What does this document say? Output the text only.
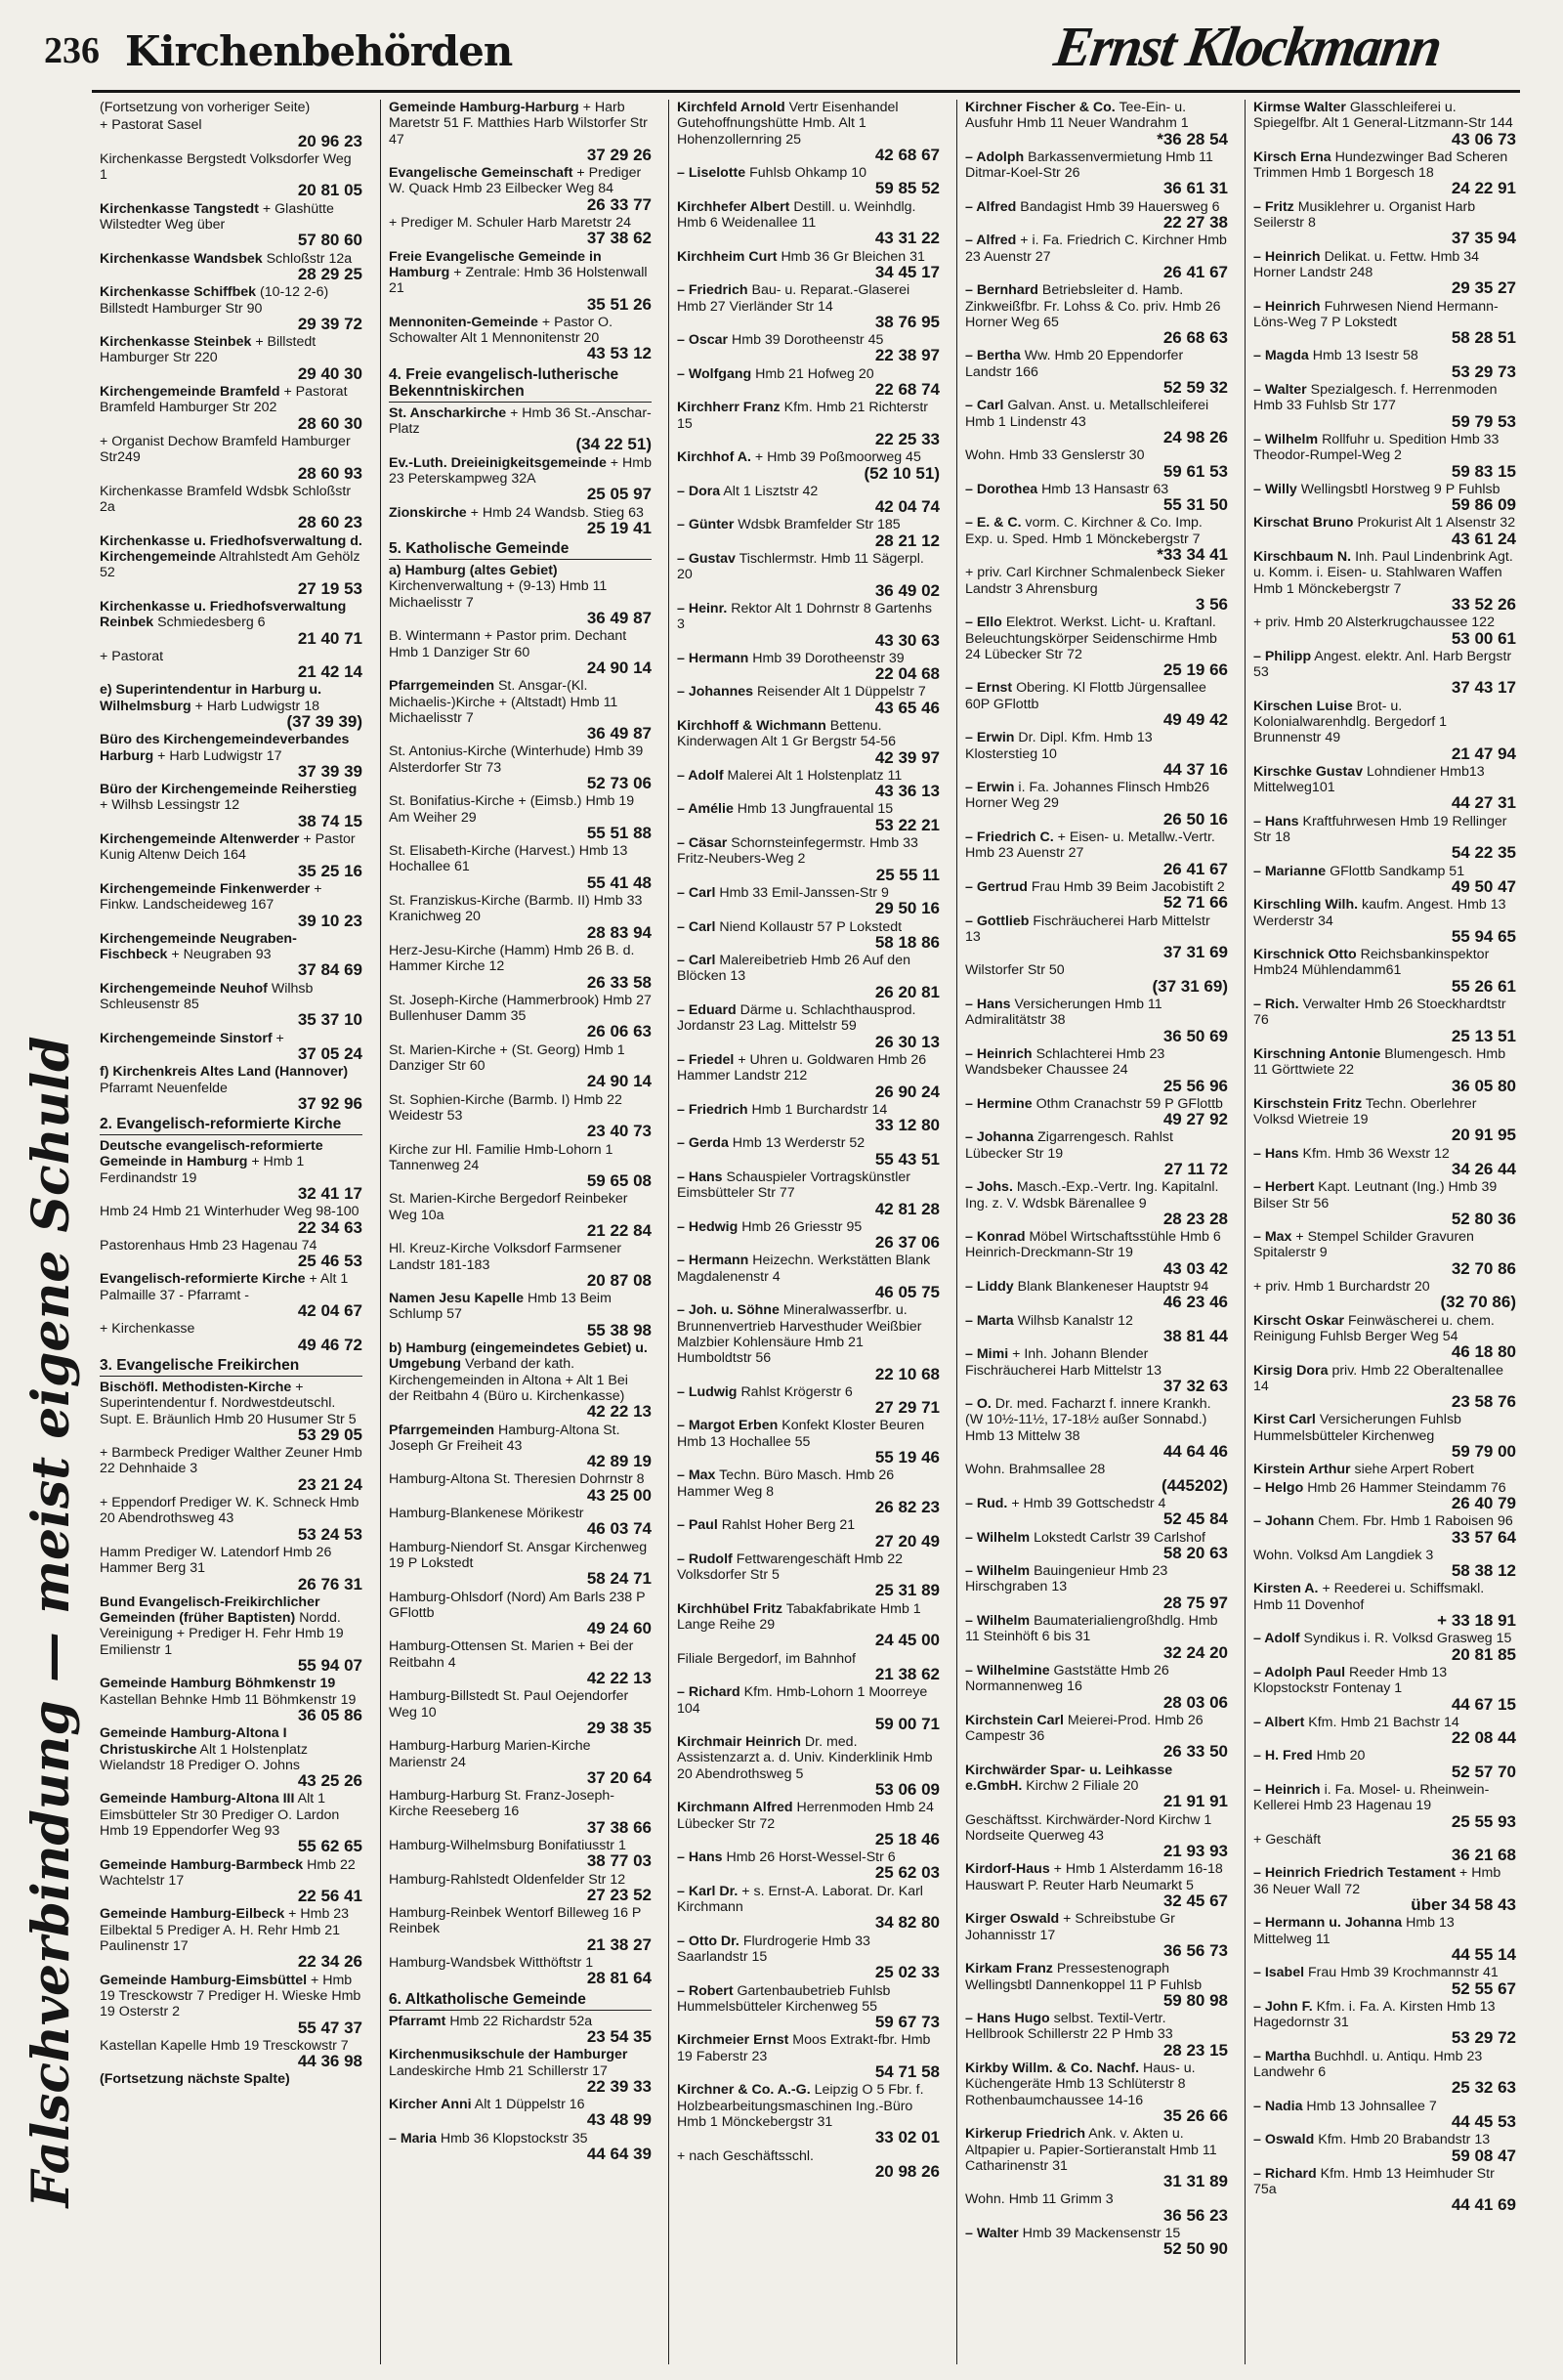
236 Kirchenbehörden	Ernst Klockmann
Falschverbindung — meist eigene Schuld
(Fortsetzung von vorheriger Seite)
+ Pastorat Sasel
20 96 23
Kirchenkasse Bergstedt Volksdorfer Weg 1
20 81 05
Kirchenkasse Tangstedt + Glashütte Wilstedter Weg über
57 80 60
Kirchenkasse Wandsbek Schloßstr 12a
28 29 25
Kirchenkasse Schiffbek (10-12 2-6) Billstedt Hamburger Str 90
29 39 72
Kirchenkasse Steinbek + Billstedt Hamburger Str 220
29 40 30
Kirchengemeinde Bramfeld + Pastorat Bramfeld Hamburger Str 202
28 60 30
+ Organist Dechow Bramfeld Hamburger Str249
28 60 93
Kirchenkasse Bramfeld Wdsbk Schloßstr 2a
28 60 23
Kirchenkasse u. Friedhofsverwaltung d. Kirchengemeinde Altrahlstedt Am Gehölz 52
27 19 53
Kirchenkasse u. Friedhofsverwaltung Reinbek Schmiedesberg 6
21 40 71
+ Pastorat
21 42 14
e) Superintendentur in Harburg u. Wilhelmsburg + Harb Ludwigstr 18
(37 39 39)
Büro des Kirchengemeindeverbandes Harburg + Harb Ludwigstr 17
37 39 39
Büro der Kirchengemeinde Reiherstieg + Wilhsb Lessingstr 12
38 74 15
Kirchengemeinde Altenwerder + Pastor Kunig Altenw Deich 164
35 25 16
Kirchengemeinde Finkenwerder + Finkw. Landscheideweg 167
39 10 23
Kirchengemeinde Neugraben-Fischbeck + Neugraben 93
37 84 69
Kirchengemeinde Neuhof Wilhsb Schleusenstr 85
35 37 10
Kirchengemeinde Sinstorf +
37 05 24
f) Kirchenkreis Altes Land (Hannover) Pfarramt Neuenfelde
37 92 96
2. Evangelisch-reformierte Kirche
Deutsche evangelisch-reformierte Gemeinde in Hamburg + Hmb 1 Ferdinandstr 19
32 41 17
Hmb 24 Hmb 21 Winterhuder Weg 98-100
22 34 63
Pastorenhaus Hmb 23 Hagenau 74
25 46 53
Evangelisch-reformierte Kirche + Alt 1 Palmaille 37 - Pfarramt -
42 04 67
+ Kirchenkasse
49 46 72
3. Evangelische Freikirchen
Bischöfl. Methodisten-Kirche + Superintendentur f. Nordwestdeutschl. Supt. E. Bräunlich Hmb 20 Husumer Str 5
53 29 05
+ Barmbeck Prediger Walther Zeuner Hmb 22 Dehnhaide 3
23 21 24
+ Eppendorf Prediger W. K. Schneck Hmb 20 Abendrothsweg 43
53 24 53
Hamm Prediger W. Latendorf Hmb 26 Hammer Berg 31
26 76 31
Bund Evangelisch-Freikirchlicher Gemeinden (früher Baptisten) Nordd. Vereinigung + Prediger H. Fehr Hmb 19 Emilienstr 1
55 94 07
Gemeinde Hamburg Böhmkenstr 19 Kastellan Behnke Hmb 11 Böhmkenstr 19
36 05 86
Gemeinde Hamburg-Altona I Christuskirche Alt 1 Holstenplatz Wielandstr 18 Prediger O. Johns
43 25 26
Gemeinde Hamburg-Altona III Alt 1 Eimsbütteler Str 30 Prediger O. Lardon Hmb 19 Eppendorfer Weg 93
55 62 65
Gemeinde Hamburg-Barmbeck Hmb 22 Wachtelstr 17
22 56 41
Gemeinde Hamburg-Eilbeck + Hmb 23 Eilbektal 5 Prediger A. H. Rehr Hmb 21 Paulinenstr 17
22 34 26
Gemeinde Hamburg-Eimsbüttel + Hmb 19 Tresckowstr 7 Prediger H. Wieske Hmb 19 Osterstr 2
55 47 37
Kastellan Kapelle Hmb 19 Tresckowstr 7
44 36 98
(Fortsetzung nächste Spalte)
Gemeinde Hamburg-Harburg + Harb Maretstr 51 F. Matthies Harb Wilstorfer Str 47
37 29 26
Evangelische Gemeinschaft + Prediger W. Quack Hmb 23 Eilbecker Weg 84
26 33 77
+ Prediger M. Schuler Harb Maretstr 24
37 38 62
Freie Evangelische Gemeinde in Hamburg + Zentrale: Hmb 36 Holstenwall 21
35 51 26
Mennoniten-Gemeinde + Pastor O. Schowalter Alt 1 Mennonitenstr 20
43 53 12
4. Freie evangelisch-lutherische Bekenntniskirchen
St. Anscharkirche + Hmb 36 St.-Anschar-Platz
(34 22 51)
Ev.-Luth. Dreieinigkeitsgemeinde + Hmb 23 Peterskampweg 32A
25 05 97
Zionskirche + Hmb 24 Wandsb. Stieg 63
25 19 41
5. Katholische Gemeinde
a) Hamburg (altes Gebiet) Kirchenverwaltung + (9-13) Hmb 11 Michaelisstr 7
36 49 87
B. Wintermann + Pastor prim. Dechant Hmb 1 Danziger Str 60
24 90 14
Pfarrgemeinden St. Ansgar-(Kl. Michaelis-)Kirche + (Altstadt) Hmb 11 Michaelisstr 7
36 49 87
St. Antonius-Kirche (Winterhude) Hmb 39 Alsterdorfer Str 73
52 73 06
St. Bonifatius-Kirche + (Eimsb.) Hmb 19 Am Weiher 29
55 51 88
St. Elisabeth-Kirche (Harvest.) Hmb 13 Hochallee 61
55 41 48
St. Franziskus-Kirche (Barmb. II) Hmb 33 Kranichweg 20
28 83 94
Herz-Jesu-Kirche (Hamm) Hmb 26 B. d. Hammer Kirche 12
26 33 58
St. Joseph-Kirche (Hammerbrook) Hmb 27 Bullenhuser Damm 35
26 06 63
St. Marien-Kirche + (St. Georg) Hmb 1 Danziger Str 60
24 90 14
St. Sophien-Kirche (Barmb. I) Hmb 22 Weidestr 53
23 40 73
Kirche zur Hl. Familie Hmb-Lohorn 1 Tannenweg 24
59 65 08
St. Marien-Kirche Bergedorf Reinbeker Weg 10a
21 22 84
Hl. Kreuz-Kirche Volksdorf Farmsener Landstr 181-183
20 87 08
Namen Jesu Kapelle Hmb 13 Beim Schlump 57
55 38 98
b) Hamburg (eingemeindetes Gebiet) u. Umgebung Verband der kath. Kirchengemeinden in Altona + Alt 1 Bei der Reitbahn 4 (Büro u. Kirchenkasse)
42 22 13
Pfarrgemeinden Hamburg-Altona St. Joseph Gr Freiheit 43
42 89 19
Hamburg-Altona St. Theresien Dohrnstr 8
43 25 00
Hamburg-Blankenese Mörikestr
46 03 74
Hamburg-Niendorf St. Ansgar Kirchenweg 19 P Lokstedt
58 24 71
Hamburg-Ohlsdorf (Nord) Am Barls 238 P GFlottb
49 24 60
Hamburg-Ottensen St. Marien + Bei der Reitbahn 4
42 22 13
Hamburg-Billstedt St. Paul Oejendorfer Weg 10
29 38 35
Hamburg-Harburg Marien-Kirche Marienstr 24
37 20 64
Hamburg-Harburg St. Franz-Joseph-Kirche Reeseberg 16
37 38 66
Hamburg-Wilhelmsburg Bonifatiusstr 1
38 77 03
Hamburg-Rahlstedt Oldenfelder Str 12
27 23 52
Hamburg-Reinbek Wentorf Billeweg 16 P Reinbek
21 38 27
Hamburg-Wandsbek Witthöftstr 1
28 81 64
6. Altkatholische Gemeinde
Pfarramt Hmb 22 Richardstr 52a
23 54 35
Kirchenmusikschule der Hamburger Landeskirche Hmb 21 Schillerstr 17
22 39 33
Kircher Anni Alt 1 Düppelstr 16
43 48 99
– Maria Hmb 36 Klopstockstr 35
44 64 39
Kirchfeld Arnold Vertr Eisenhandel Gutehoffnungshütte Hmb. Alt 1 Hohenzollernring 25
42 68 67
– Liselotte Fuhlsb Ohkamp 10
59 85 52
Kirchhefer Albert Destill. u. Weinhdlg. Hmb 6 Weidenallee 11
43 31 22
Kirchheim Curt Hmb 36 Gr Bleichen 31
34 45 17
– Friedrich Bau- u. Reparat.-Glaserei Hmb 27 Vierländer Str 14
38 76 95
– Oscar Hmb 39 Dorotheenstr 45
22 38 97
– Wolfgang Hmb 21 Hofweg 20
22 68 74
Kirchherr Franz Kfm. Hmb 21 Richterstr 15
22 25 33
Kirchhof A. + Hmb 39 Poßmoorweg 45
(52 10 51)
– Dora Alt 1 Lisztstr 42
42 04 74
– Günter Wdsbk Bramfelder Str 185
28 21 12
– Gustav Tischlermstr. Hmb 11 Sägerpl. 20
36 49 02
– Heinr. Rektor Alt 1 Dohrnstr 8 Gartenhs 3
43 30 63
– Hermann Hmb 39 Dorotheenstr 39
22 04 68
– Johannes Reisender Alt 1 Düppelstr 7
43 65 46
Kirchhoff & Wichmann Bettenu. Kinderwagen Alt 1 Gr Bergstr 54-56
42 39 97
– Adolf Malerei Alt 1 Holstenplatz 11
43 36 13
– Amélie Hmb 13 Jungfrauental 15
53 22 21
– Cäsar Schornsteinfegermstr. Hmb 33 Fritz-Neubers-Weg 2
25 55 11
– Carl Hmb 33 Emil-Janssen-Str 9
29 50 16
– Carl Niend Kollaustr 57 P Lokstedt
58 18 86
– Carl Malereibetrieb Hmb 26 Auf den Blöcken 13
26 20 81
– Eduard Därme u. Schlachthausprod. Jordanstr 23 Lag. Mittelstr 59
26 30 13
– Friedel + Uhren u. Goldwaren Hmb 26 Hammer Landstr 212
26 90 24
– Friedrich Hmb 1 Burchardstr 14
33 12 80
– Gerda Hmb 13 Werderstr 52
55 43 51
– Hans Schauspieler Vortragskünstler Eimsbütteler Str 77
42 81 28
– Hedwig Hmb 26 Griesstr 95
26 37 06
– Hermann Heizechn. Werkstätten Blank Magdalenenstr 4
46 05 75
– Joh. u. Söhne Mineralwasserfbr. u. Brunnenvertrieb Harvesthuder Weißbier Malzbier Kohlensäure Hmb 21 Humboldtstr 56
22 10 68
– Ludwig Rahlst Krögerstr 6
27 29 71
– Margot Erben Konfekt Kloster Beuren Hmb 13 Hochallee 55
55 19 46
– Max Techn. Büro Masch. Hmb 26 Hammer Weg 8
26 82 23
– Paul Rahlst Hoher Berg 21
27 20 49
– Rudolf Fettwarengeschäft Hmb 22 Volksdorfer Str 5
25 31 89
Kirchhübel Fritz Tabakfabrikate Hmb 1 Lange Reihe 29
24 45 00
Filiale Bergedorf, im Bahnhof
21 38 62
– Richard Kfm. Hmb-Lohorn 1 Moorreye 104
59 00 71
Kirchmair Heinrich Dr. med. Assistenzarzt a. d. Univ. Kinderklinik Hmb 20 Abendrothsweg 5
53 06 09
Kirchmann Alfred Herrenmoden Hmb 24 Lübecker Str 72
25 18 46
– Hans Hmb 26 Horst-Wessel-Str 6
25 62 03
– Karl Dr. + s. Ernst-A. Laborat. Dr. Karl Kirchmann
34 82 80
– Otto Dr. Flurdrogerie Hmb 33 Saarlandstr 15
25 02 33
– Robert Gartenbaubetrieb Fuhlsb Hummelsbütteler Kirchenweg 55
59 67 73
Kirchmeier Ernst Moos Extrakt-fbr. Hmb 19 Faberstr 23
54 71 58
Kirchner & Co. A.-G. Leipzig O 5 Fbr. f. Holzbearbeitungsmaschinen Ing.-Büro Hmb 1 Mönckebergstr 31
33 02 01
+ nach Geschäftsschl.
20 98 26
Kirchner Fischer & Co. Tee-Ein- u. Ausfuhr Hmb 11 Neuer Wandrahm 1
*36 28 54
– Adolph Barkassenvermietung Hmb 11 Ditmar-Koel-Str 26
36 61 31
– Alfred Bandagist Hmb 39 Hauersweg 6
22 27 38
– Alfred + i. Fa. Friedrich C. Kirchner Hmb 23 Auenstr 27
26 41 67
– Bernhard Betriebsleiter d. Hamb. Zinkweißfbr. Fr. Lohss & Co. priv. Hmb 26 Horner Weg 65
26 68 63
– Bertha Ww. Hmb 20 Eppendorfer Landstr 166
52 59 32
– Carl Galvan. Anst. u. Metallschleiferei Hmb 1 Lindenstr 43
24 98 26
Wohn. Hmb 33 Genslerstr 30
59 61 53
– Dorothea Hmb 13 Hansastr 63
55 31 50
– E. & C. vorm. C. Kirchner & Co. Imp. Exp. u. Sped. Hmb 1 Mönckebergstr 7
*33 34 41
+ priv. Carl Kirchner Schmalenbeck Sieker Landstr 3 Ahrensburg
3 56
– Ello Elektrot. Werkst. Licht- u. Kraftanl. Beleuchtungskörper Seidenschirme Hmb 24 Lübecker Str 72
25 19 66
– Ernst Obering. Kl Flottb Jürgensallee 60P GFlottb
49 49 42
– Erwin Dr. Dipl. Kfm. Hmb 13 Klosterstieg 10
44 37 16
– Erwin i. Fa. Johannes Flinsch Hmb26 Horner Weg 29
26 50 16
– Friedrich C. + Eisen- u. Metallw.-Vertr. Hmb 23 Auenstr 27
26 41 67
– Gertrud Frau Hmb 39 Beim Jacobistift 2
52 71 66
– Gottlieb Fischräucherei Harb Mittelstr 13
37 31 69
Wilstorfer Str 50
(37 31 69)
– Hans Versicherungen Hmb 11 Admiralitätstr 38
36 50 69
– Heinrich Schlachterei Hmb 23 Wandsbeker Chaussee 24
25 56 96
– Hermine Othm Cranachstr 59 P GFlottb
49 27 92
– Johanna Zigarrengesch. Rahlst Lübecker Str 19
27 11 72
– Johs. Masch.-Exp.-Vertr. Ing. Kapitalnl. Ing. z. V. Wdsbk Bärenallee 9
28 23 28
– Konrad Möbel Wirtschaftsstühle Hmb 6 Heinrich-Dreckmann-Str 19
43 03 42
– Liddy Blank Blankeneser Hauptstr 94
46 23 46
– Marta Wilhsb Kanalstr 12
38 81 44
– Mimi + Inh. Johann Blender Fischräucherei Harb Mittelstr 13
37 32 63
– O. Dr. med. Facharzt f. innere Krankh. (W 10½-11½, 17-18½ außer Sonnabd.) Hmb 13 Mittelw 38
44 64 46
Wohn. Brahmsallee 28
(445202)
– Rud. + Hmb 39 Gottschedstr 4
52 45 84
– Wilhelm Lokstedt Carlstr 39 Carlshof
58 20 63
– Wilhelm Bauingenieur Hmb 23 Hirschgraben 13
28 75 97
– Wilhelm Baumaterialiengroßhdlg. Hmb 11 Steinhöft 6 bis 31
32 24 20
– Wilhelmine Gaststätte Hmb 26 Normannenweg 16
28 03 06
Kirchstein Carl Meierei-Prod. Hmb 26 Campestr 36
26 33 50
Kirchwärder Spar- u. Leihkasse e.GmbH. Kirchw 2 Filiale 20
21 91 91
Geschäftsst. Kirchwärder-Nord Kirchw 1 Nordseite Querweg 43
21 93 93
Kirdorf-Haus + Hmb 1 Alsterdamm 16-18 Hauswart P. Reuter Harb Neumarkt 5
32 45 67
Kirger Oswald + Schreibstube Gr Johannisstr 17
36 56 73
Kirkam Franz Pressestenograph Wellingsbtl Dannenkoppel 11 P Fuhlsb
59 80 98
– Hans Hugo selbst. Textil-Vertr. Hellbrook Schillerstr 22 P Hmb 33
28 23 15
Kirkby Willm. & Co. Nachf. Haus- u. Küchengeräte Hmb 13 Schlüterstr 8 Rothenbaumchaussee 14-16
35 26 66
Kirkerup Friedrich Ank. v. Akten u. Altpapier u. Papier-Sortieranstalt Hmb 11 Catharinenstr 31
31 31 89
Wohn. Hmb 11 Grimm 3
36 56 23
– Walter Hmb 39 Mackensenstr 15
52 50 90
Kirmse Walter Glasschleiferei u. Spiegelfbr. Alt 1 General-Litzmann-Str 144
43 06 73
Kirsch Erna Hundezwinger Bad Scheren Trimmen Hmb 1 Borgesch 18
24 22 91
– Fritz Musiklehrer u. Organist Harb Seilerstr 8
37 35 94
– Heinrich Delikat. u. Fettw. Hmb 34 Horner Landstr 248
29 35 27
– Heinrich Fuhrwesen Niend Hermann-Löns-Weg 7 P Lokstedt
58 28 51
– Magda Hmb 13 Isestr 58
53 29 73
– Walter Spezialgesch. f. Herrenmoden Hmb 33 Fuhlsb Str 177
59 79 53
– Wilhelm Rollfuhr u. Spedition Hmb 33 Theodor-Rumpel-Weg 2
59 83 15
– Willy Wellingsbtl Horstweg 9 P Fuhlsb
59 86 09
Kirschat Bruno Prokurist Alt 1 Alsenstr 32
43 61 24
Kirschbaum N. Inh. Paul Lindenbrink Agt. u. Komm. i. Eisen- u. Stahlwaren Waffen Hmb 1 Mönckebergstr 7
33 52 26
+ priv. Hmb 20 Alsterkrugchaussee 122
53 00 61
– Philipp Angest. elektr. Anl. Harb Bergstr 53
37 43 17
Kirschen Luise Brot- u. Kolonialwarenhdlg. Bergedorf 1 Brunnenstr 49
21 47 94
Kirschke Gustav Lohndiener Hmb13 Mittelweg101
44 27 31
– Hans Kraftfuhrwesen Hmb 19 Rellinger Str 18
54 22 35
– Marianne GFlottb Sandkamp 51
49 50 47
Kirschling Wilh. kaufm. Angest. Hmb 13 Werderstr 34
55 94 65
Kirschnick Otto Reichsbankinspektor Hmb24 Mühlendamm61
55 26 61
– Rich. Verwalter Hmb 26 Stoeckhardtstr 76
25 13 51
Kirschning Antonie Blumengesch. Hmb 11 Görttwiete 22
36 05 80
Kirschstein Fritz Techn. Oberlehrer Volksd Wietreie 19
20 91 95
– Hans Kfm. Hmb 36 Wexstr 12
34 26 44
– Herbert Kapt. Leutnant (Ing.) Hmb 39 Bilser Str 56
52 80 36
– Max + Stempel Schilder Gravuren Spitalerstr 9
32 70 86
+ priv. Hmb 1 Burchardstr 20
(32 70 86)
Kirscht Oskar Feinwäscherei u. chem. Reinigung Fuhlsb Berger Weg 54
46 18 80
Kirsig Dora priv. Hmb 22 Oberaltenallee 14
23 58 76
Kirst Carl Versicherungen Fuhlsb Hummelsbütteler Kirchenweg
59 79 00
Kirstein Arthur siehe Arpert Robert
– Helgo Hmb 26 Hammer Steindamm 76
26 40 79
– Johann Chem. Fbr. Hmb 1 Raboisen 96
33 57 64
Wohn. Volksd Am Langdiek 3
58 38 12
Kirsten A. + Reederei u. Schiffsmakl. Hmb 11 Dovenhof
+ 33 18 91
– Adolf Syndikus i. R. Volksd Grasweg 15
20 81 85
– Adolph Paul Reeder Hmb 13 Klopstockstr Fontenay 1
44 67 15
– Albert Kfm. Hmb 21 Bachstr 14
22 08 44
– H. Fred Hmb 20
52 57 70
– Heinrich i. Fa. Mosel- u. Rheinwein-Kellerei Hmb 23 Hagenau 19
25 55 93
+ Geschäft
36 21 68
– Heinrich Friedrich Testament + Hmb 36 Neuer Wall 72
über 34 58 43
– Hermann u. Johanna Hmb 13 Mittelweg 11
44 55 14
– Isabel Frau Hmb 39 Krochmannstr 41
52 55 67
– John F. Kfm. i. Fa. A. Kirsten Hmb 13 Hagedornstr 31
53 29 72
– Martha Buchhdl. u. Antiqu. Hmb 23 Landwehr 6
25 32 63
– Nadia Hmb 13 Johnsallee 7
44 45 53
– Oswald Kfm. Hmb 20 Brabandstr 13
59 08 47
– Richard Kfm. Hmb 13 Heimhuder Str 75a
44 41 69
